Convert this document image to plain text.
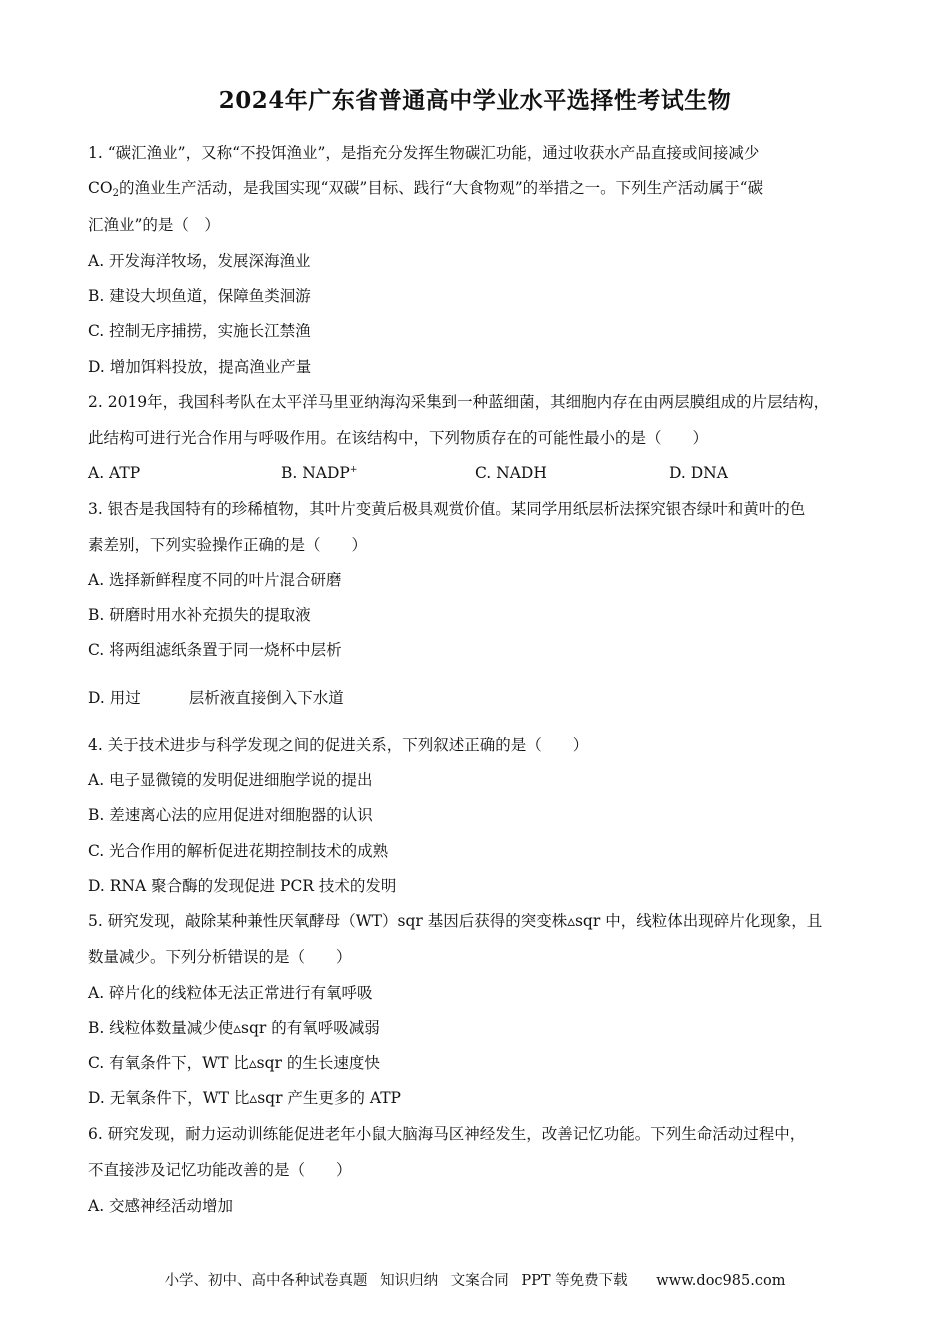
2024年广东省普通高中学业水平选择性考试生物
1. “碳汇渔业”，又称“不投饵渔业”，是指充分发挥生物碳汇功能，通过收获水产品直接或间接减少
$CO_2$的渔业生产活动，是我国实现“双碳”目标、践行“大食物观”的举措之一。下列生产活动属于“碳
汇渔业”的是（　）
A. 开发海洋牧场，发展深海渔业
B. 建设大坝鱼道，保障鱼类洄游
C. 控制无序捕捞，实施长江禁渔
D. 增加饵料投放，提高渔业产量
2. 2019年，我国科考队在太平洋马里亚纳海沟采集到一种蓝细菌，其细胞内存在由两层膜组成的片层结构，
此结构可进行光合作用与呼吸作用。在该结构中，下列物质存在的可能性最小的是（　　）
A. ATP	B. NADP+	C. NADH	D. DNA
3. 银杏是我国特有的珍稀植物，其叶片变黄后极具观赏价值。某同学用纸层析法探究银杏绿叶和黄叶的色
素差别，下列实验操作正确的是（　　）
A. 选择新鲜程度不同的叶片混合研磨
B. 研磨时用水补充损失的提取液
C. 将两组滤纸条置于同一烧杯中层析
D. 用过	层析液直接倒入下水道
4. 关于技术进步与科学发现之间的促进关系，下列叙述正确的是（　　）
A. 电子显微镜的发明促进细胞学说的提出
B. 差速离心法的应用促进对细胞器的认识
C. 光合作用的解析促进花期控制技术的成熟
D. RNA 聚合酶的发现促进 PCR 技术的发明
5. 研究发现，敲除某种兼性厌氧酵母（WT）sqr 基因后获得的突变株▵sqr 中，线粒体出现碎片化现象，且
数量减少。下列分析错误的是（　　）
A. 碎片化的线粒体无法正常进行有氧呼吸
B. 线粒体数量减少使▵sqr 的有氧呼吸减弱
C. 有氧条件下，WT 比▵sqr 的生长速度快
D. 无氧条件下，WT 比▵sqr 产生更多的 ATP
6. 研究发现，耐力运动训练能促进老年小鼠大脑海马区神经发生，改善记忆功能。下列生命活动过程中，
不直接涉及记忆功能改善的是（　　）
A. 交感神经活动增加
小学、初中、高中各种试卷真题 知识归纳 文案合同 PPT 等免费下载 www.doc985.com
